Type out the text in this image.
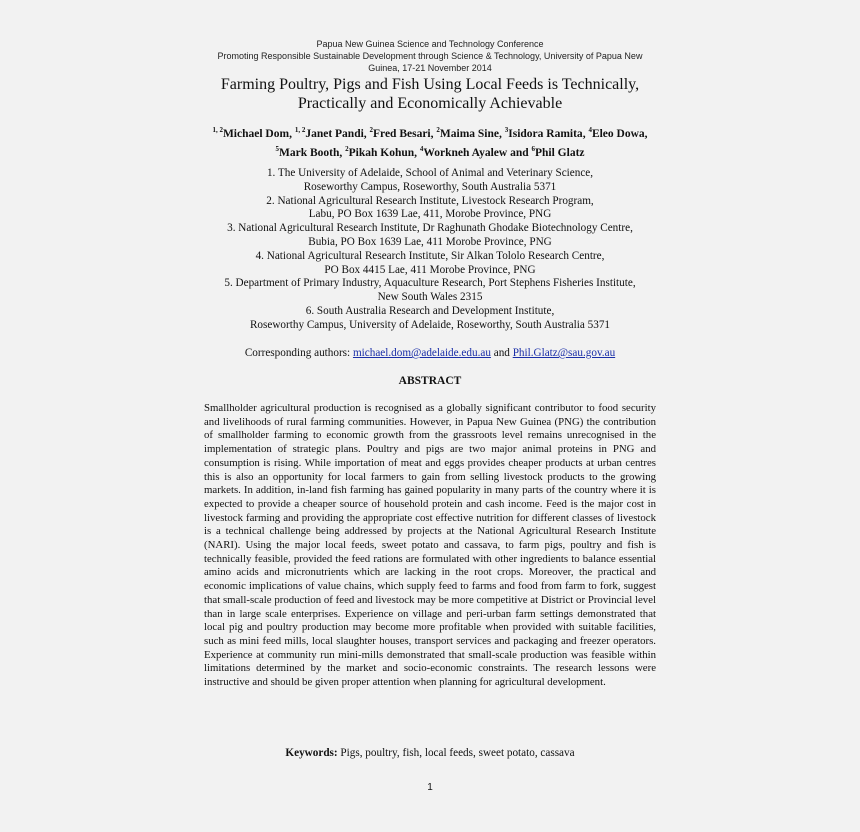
Papua New Guinea Science and Technology Conference
Promoting Responsible Sustainable Development through Science & Technology, University of Papua New
Guinea, 17-21 November 2014
Farming Poultry, Pigs and Fish Using Local Feeds is Technically,
Practically and Economically Achievable
$^{1, 2}$Michael Dom, $^{1, 2}$Janet Pandi, $^2$Fred Besari, $^2$Maima Sine, $^3$Isidora Ramita, $^4$Eleo Dowa, $^5$Mark Booth, $^2$Pikah Kohun, $^4$Workneh Ayalew and $^6$Phil Glatz

1. The University of Adelaide, School of Animal and Veterinary Science,

Roseworthy Campus, Roseworthy, South Australia 5371

2. National Agricultural Research Institute, Livestock Research Program,

Labu, PO Box 1639 Lae, 411, Morobe Province, PNG

3. National Agricultural Research Institute, Dr Raghunath Ghodake Biotechnology Centre,

Bubia, PO Box 1639 Lae, 411 Morobe Province, PNG

4. National Agricultural Research Institute, Sir Alkan Tololo Research Centre,

PO Box 4415 Lae, 411 Morobe Province, PNG

5. Department of Primary Industry, Aquaculture Research, Port Stephens Fisheries Institute,

New South Wales 2315

6. South Australia Research and Development Institute,

Roseworthy Campus, University of Adelaide, Roseworthy, South Australia 5371

Corresponding authors: michael.dom@adelaide.edu.au and Phil.Glatz@sau.gov.au
ABSTRACT

Smallholder agricultural production is recognised as a globally significant contributor to food security and livelihoods of rural farming communities. However, in Papua New Guinea (PNG) the contribution of smallholder farming to economic growth from the grassroots level remains unrecognised in the implementation of strategic plans. Poultry and pigs are two major animal proteins in PNG and consumption is rising. While importation of meat and eggs provides cheaper products at urban centres this is also an opportunity for local farmers to gain from selling livestock products to the growing markets. In addition, in-land fish farming has gained popularity in many parts of the country where it is expected to provide a cheaper source of household protein and cash income. Feed is the major cost in livestock farming and providing the appropriate cost effective nutrition for different classes of livestock is a technical challenge being addressed by projects at the National Agricultural Research Institute (NARI). Using the major local feeds, sweet potato and cassava, to farm pigs, poultry and fish is technically feasible, provided the feed rations are formulated with other ingredients to balance essential amino acids and micronutrients which are lacking in the root crops. Moreover, the practical and economic implications of value chains, which supply feed to farms and food from farm to fork, suggest that small-scale production of feed and livestock may be more competitive at District or Provincial level than in large scale enterprises. Experience on village and peri-urban farm settings demonstrated that local pig and poultry production may become more profitable when provided with suitable facilities, such as mini feed mills, local slaughter houses, transport services and packaging and freezer operators. Experience at community run mini-mills demonstrated that small-scale production was feasible within limitations determined by the market and socio-economic constraints. The research lessons were instructive and should be given proper attention when planning for agricultural development.

Keywords: Pigs, poultry, fish, local feeds, sweet potato, cassava
1
